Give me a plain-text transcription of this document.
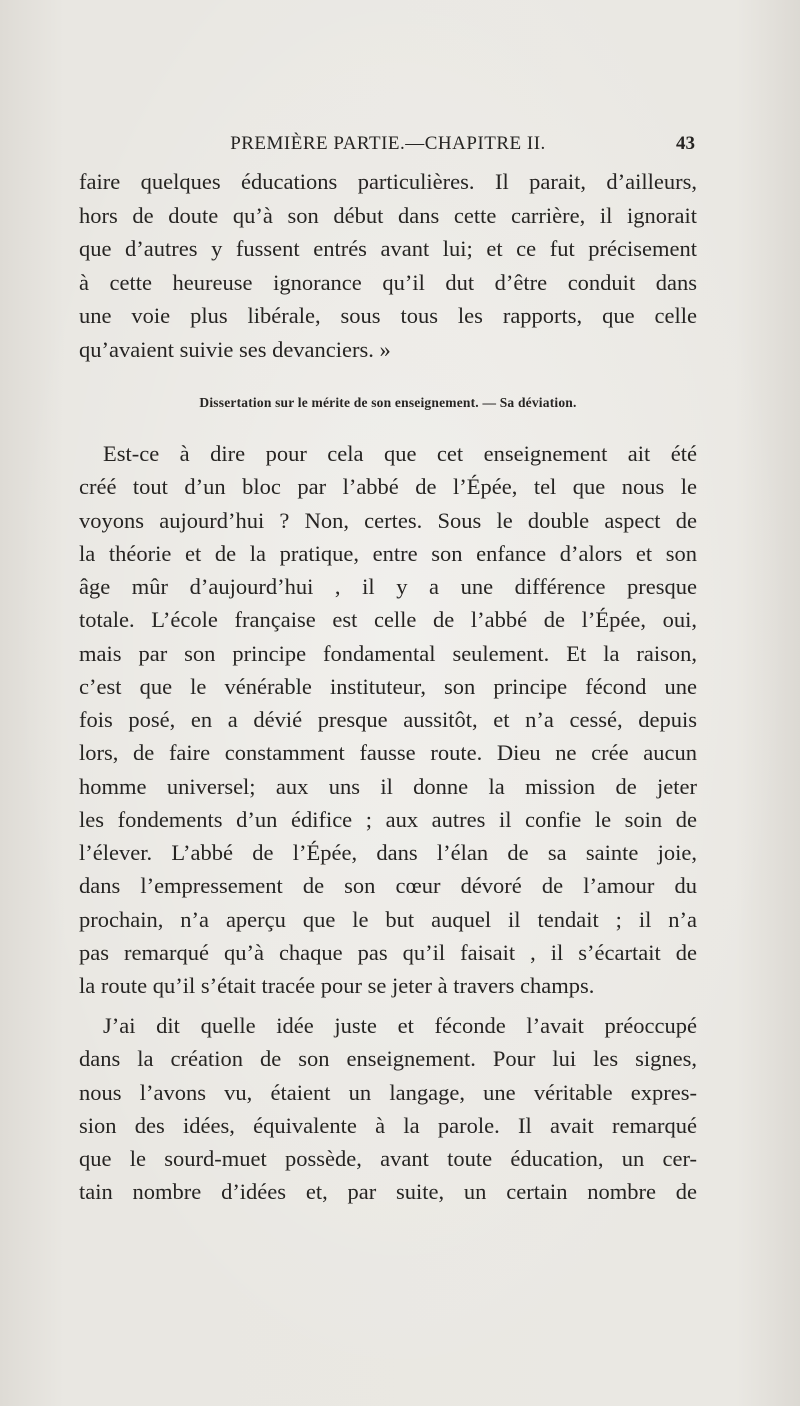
PREMIÈRE PARTIE.—CHAPITRE II.	43

faire quelques éducations particulières. Il parait, d’ailleurs,
hors de doute qu’à son début dans cette carrière, il ignorait
que d’autres y fussent entrés avant lui; et ce fut précisement
à cette heureuse ignorance qu’il dut d’être conduit dans
une voie plus libérale, sous tous les rapports, que celle
qu’avaient suivie ses devanciers. »

Dissertation sur le mérite de son enseignement. — Sa déviation.

Est-ce à dire pour cela que cet enseignement ait été
créé tout d’un bloc par l’abbé de l’Épée, tel que nous le
voyons aujourd’hui ? Non, certes. Sous le double aspect de
la théorie et de la pratique, entre son enfance d’alors et son
âge mûr d’aujourd’hui , il y a une différence presque
totale. L’école française est celle de l’abbé de l’Épée, oui,
mais par son principe fondamental seulement. Et la raison,
c’est que le vénérable instituteur, son principe fécond une
fois posé, en a dévié presque aussitôt, et n’a cessé, depuis
lors, de faire constamment fausse route. Dieu ne crée aucun
homme universel; aux uns il donne la mission de jeter
les fondements d’un édifice ; aux autres il confie le soin de
l’élever. L’abbé de l’Épée, dans l’élan de sa sainte joie,
dans l’empressement de son cœur dévoré de l’amour du
prochain, n’a aperçu que le but auquel il tendait ; il n’a
pas remarqué qu’à chaque pas qu’il faisait , il s’écartait de
la route qu’il s’était tracée pour se jeter à travers champs.

J’ai dit quelle idée juste et féconde l’avait préoccupé
dans la création de son enseignement. Pour lui les signes,
nous l’avons vu, étaient un langage, une véritable expres-
sion des idées, équivalente à la parole. Il avait remarqué
que le sourd-muet possède, avant toute éducation, un cer-
tain nombre d’idées et, par suite, un certain nombre de
